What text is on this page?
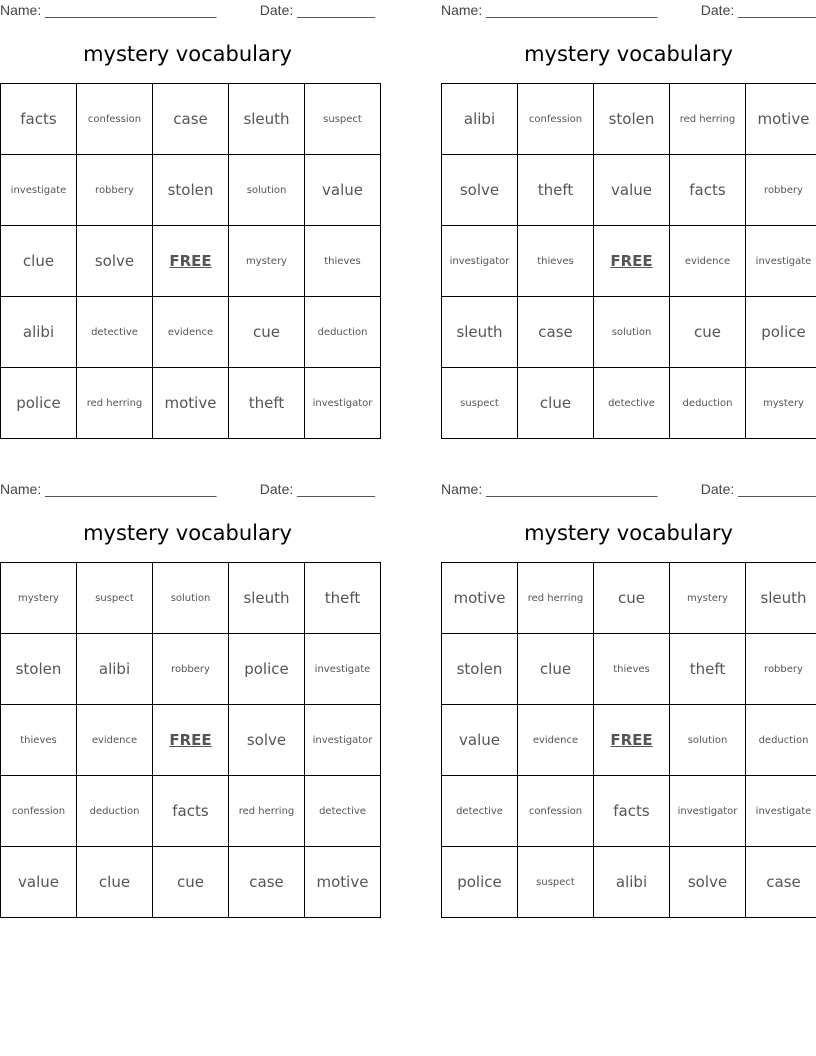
Name: ______________________	Date: __________
mystery vocabulary
facts	confession	case	sleuth	suspect
investigate	robbery	stolen	solution	value
clue	solve	FREE	mystery	thieves
alibi	detective	evidence	cue	deduction
police	red herring	motive	theft	investigator
Name: ______________________	Date: __________
mystery vocabulary
alibi	confession	stolen	red herring	motive
solve	theft	value	facts	robbery
investigator	thieves	FREE	evidence	investigate
sleuth	case	solution	cue	police
suspect	clue	detective	deduction	mystery
Name: ______________________	Date: __________
mystery vocabulary
mystery	suspect	solution	sleuth	theft
stolen	alibi	robbery	police	investigate
thieves	evidence	FREE	solve	investigator
confession	deduction	facts	red herring	detective
value	clue	cue	case	motive
Name: ______________________	Date: __________
mystery vocabulary
motive	red herring	cue	mystery	sleuth
stolen	clue	thieves	theft	robbery
value	evidence	FREE	solution	deduction
detective	confession	facts	investigator	investigate
police	suspect	alibi	solve	case
